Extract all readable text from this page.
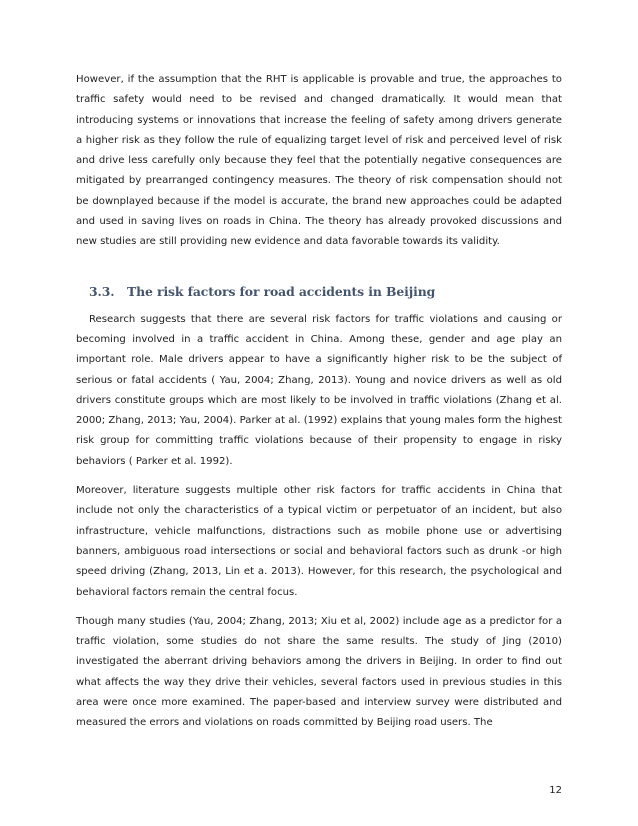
However, if the assumption that the RHT is applicable is provable and true, the approaches to traffic safety would need to be revised and changed dramatically. It would mean that introducing systems or innovations that increase the feeling of safety among drivers generate a higher risk as they follow the rule of equalizing target level of risk and perceived level of risk and drive less carefully only because they feel that the potentially negative consequences are mitigated by prearranged contingency measures. The theory of risk compensation should not be downplayed because if the model is accurate, the brand new approaches could be adapted and used in saving lives on roads in China. The theory has already provoked discussions and new studies are still providing new evidence and data favorable towards its validity.

3.3. The risk factors for road accidents in Beijing

Research suggests that there are several risk factors for traffic violations and causing or becoming involved in a traffic accident in China. Among these, gender and age play an important role. Male drivers appear to have a significantly higher risk to be the subject of serious or fatal accidents ( Yau, 2004; Zhang, 2013). Young and novice drivers as well as old drivers constitute groups which are most likely to be involved in traffic violations (Zhang et al. 2000; Zhang, 2013; Yau, 2004). Parker at al. (1992) explains that young males form the highest risk group for committing traffic violations because of their propensity to engage in risky behaviors ( Parker et al. 1992).

Moreover, literature suggests multiple other risk factors for traffic accidents in China that include not only the characteristics of a typical victim or perpetuator of an incident, but also infrastructure, vehicle malfunctions, distractions such as mobile phone use or advertising banners, ambiguous road intersections or social and behavioral factors such as drunk -or high speed driving (Zhang, 2013, Lin et a. 2013). However, for this research, the psychological and behavioral factors remain the central focus.

Though many studies (Yau, 2004; Zhang, 2013; Xiu et al, 2002) include age as a predictor for a traffic violation, some studies do not share the same results. The study of Jing (2010) investigated the aberrant driving behaviors among the drivers in Beijing. In order to find out what affects the way they drive their vehicles, several factors used in previous studies in this area were once more examined. The paper-based and interview survey were distributed and measured the errors and violations on roads committed by Beijing road users. The

12
